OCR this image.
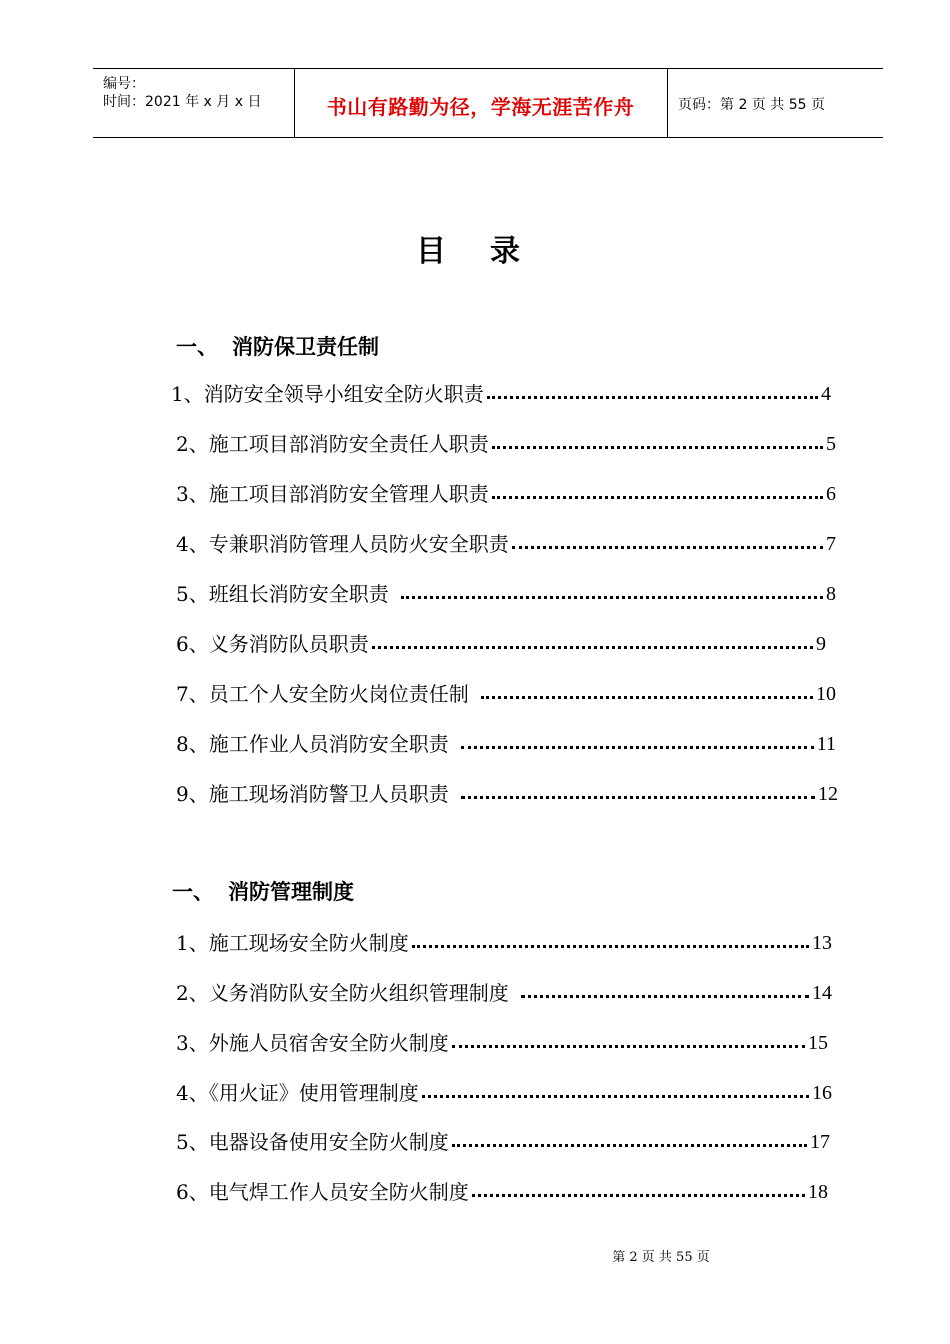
编号：
时间：2021 年 x 月 x 日	书山有路勤为径，学海无涯苦作舟	页码：第 2 页 共 55 页
目录
一、 消防保卫责任制
1、消防安全领导小组安全防火职责	4
2、施工项目部消防安全责任人职责	5
3、施工项目部消防安全管理人职责	6
4、专兼职消防管理人员防火安全职责	7
5、班组长消防安全职责	8
6、义务消防队员职责	9
7、员工个人安全防火岗位责任制	10
8、施工作业人员消防安全职责	11
9、施工现场消防警卫人员职责	12
一、 消防管理制度
1、施工现场安全防火制度	13
2、义务消防队安全防火组织管理制度	14
3、外施人员宿舍安全防火制度	15
4、《用火证》使用管理制度	16
5、电器设备使用安全防火制度	17
6、电气焊工作人员安全防火制度	18
第 2 页 共 55 页
